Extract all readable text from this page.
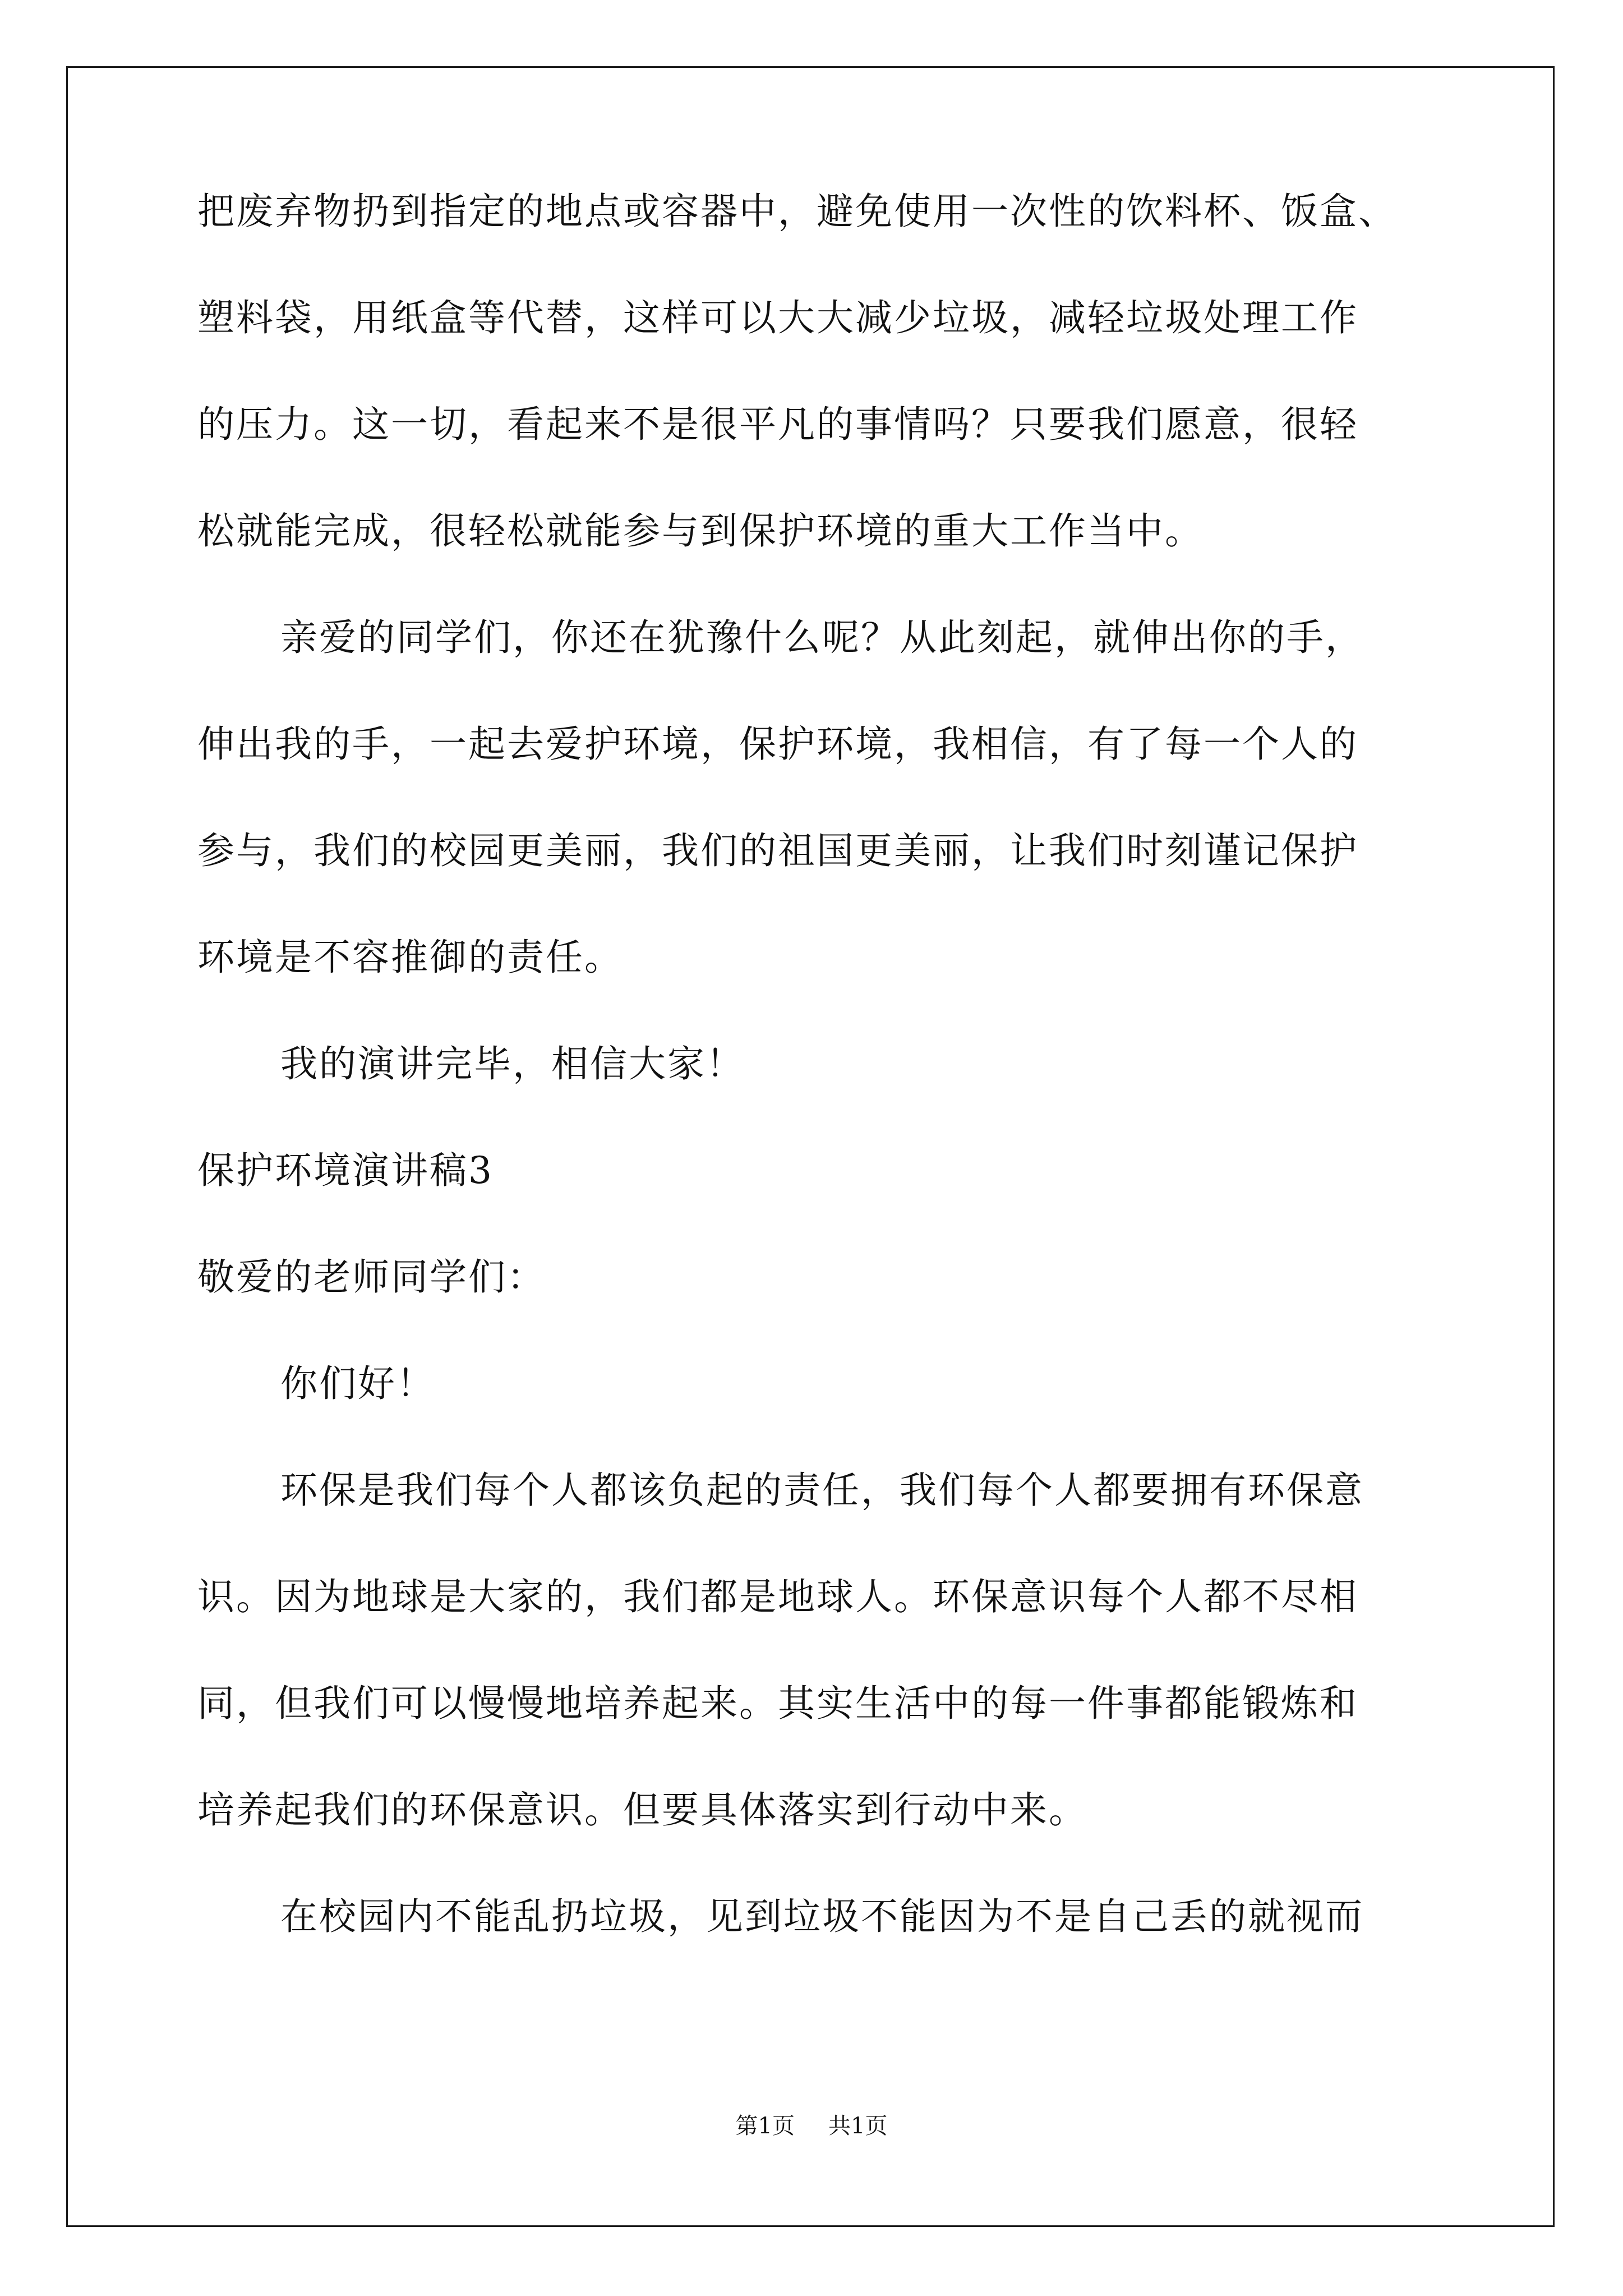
把废弃物扔到指定的地点或容器中，避免使用一次性的饮料杯、饭盒、
塑料袋，用纸盒等代替，这样可以大大减少垃圾，减轻垃圾处理工作
的压力。这一切，看起来不是很平凡的事情吗？只要我们愿意，很轻
松就能完成，很轻松就能参与到保护环境的重大工作当中。
亲爱的同学们，你还在犹豫什么呢？从此刻起，就伸出你的手，
伸出我的手，一起去爱护环境，保护环境，我相信，有了每一个人的
参与，我们的校园更美丽，我们的祖国更美丽，让我们时刻谨记保护
环境是不容推御的责任。
我的演讲完毕，相信大家！
保护环境演讲稿3
敬爱的老师同学们：
你们好！
环保是我们每个人都该负起的责任，我们每个人都要拥有环保意
识。因为地球是大家的，我们都是地球人。环保意识每个人都不尽相
同，但我们可以慢慢地培养起来。其实生活中的每一件事都能锻炼和
培养起我们的环保意识。但要具体落实到行动中来。
在校园内不能乱扔垃圾，见到垃圾不能因为不是自己丢的就视而
第1页 共1页
